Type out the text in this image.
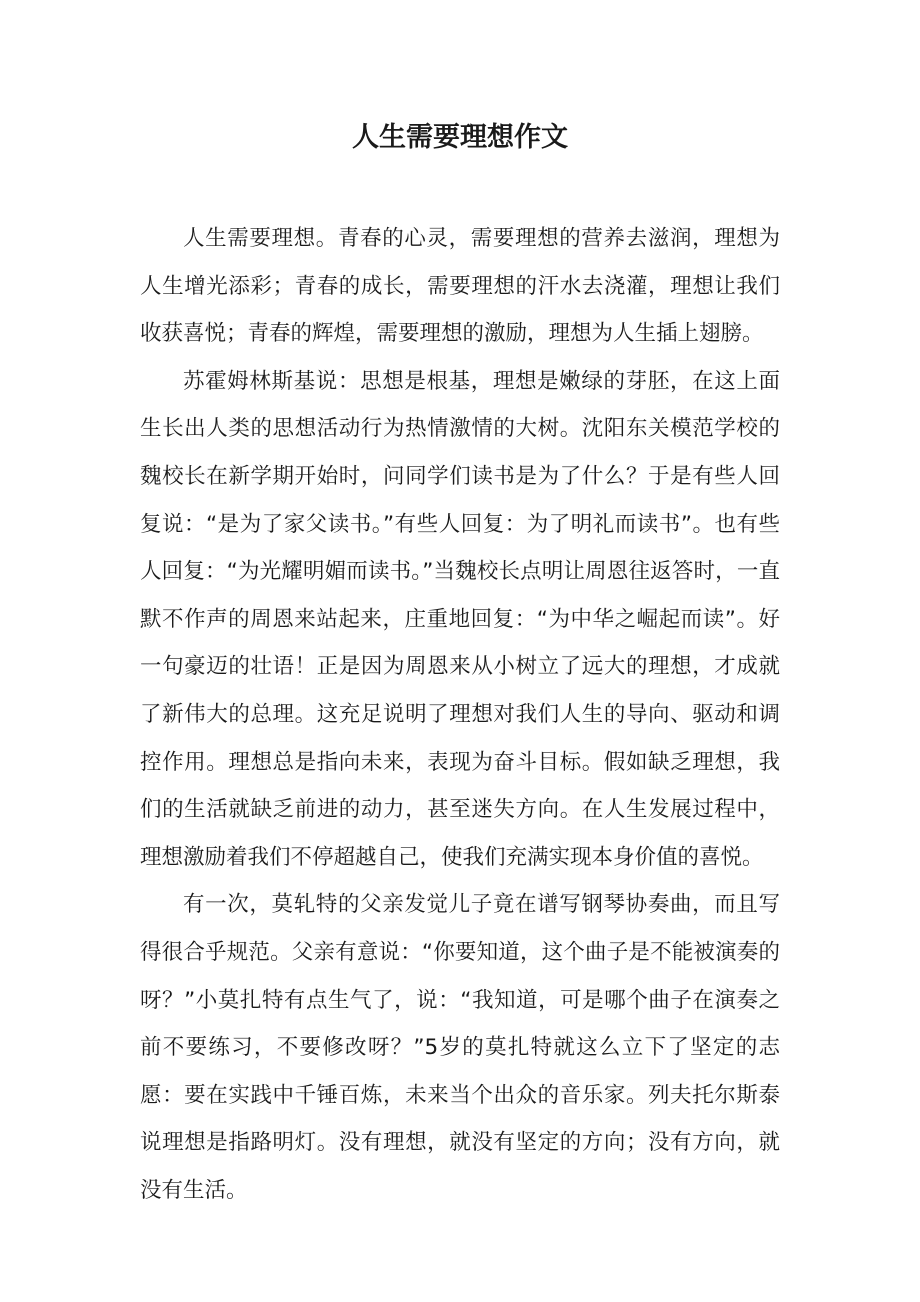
人生需要理想作文

人生需要理想。青春的心灵，需要理想的营养去滋润，理想为人生增光添彩；青春的成长，需要理想的汗水去浇灌，理想让我们收获喜悦；青春的辉煌，需要理想的激励，理想为人生插上翅膀。

苏霍姆林斯基说：思想是根基，理想是嫩绿的芽胚，在这上面生长出人类的思想活动行为热情激情的大树。沈阳东关模范学校的魏校长在新学期开始时，问同学们读书是为了什么？于是有些人回复说：“是为了家父读书。”有些人回复：为了明礼而读书”。也有些人回复：“为光耀明媚而读书。”当魏校长点明让周恩往返答时，一直默不作声的周恩来站起来，庄重地回复：“为中华之崛起而读”。好一句豪迈的壮语！正是因为周恩来从小树立了远大的理想，才成就了新伟大的总理。这充足说明了理想对我们人生的导向、驱动和调控作用。理想总是指向未来，表现为奋斗目标。假如缺乏理想，我们的生活就缺乏前进的动力，甚至迷失方向。在人生发展过程中，理想激励着我们不停超越自己，使我们充满实现本身价值的喜悦。

有一次，莫轧特的父亲发觉儿子竟在谱写钢琴协奏曲，而且写得很合乎规范。父亲有意说：“你要知道，这个曲子是不能被演奏的呀？”小莫扎特有点生气了，说：“我知道，可是哪个曲子在演奏之前不要练习，不要修改呀？”5岁的莫扎特就这么立下了坚定的志愿：要在实践中千锤百炼，未来当个出众的音乐家。列夫托尔斯泰说理想是指路明灯。没有理想，就没有坚定的方向；没有方向，就没有生活。
